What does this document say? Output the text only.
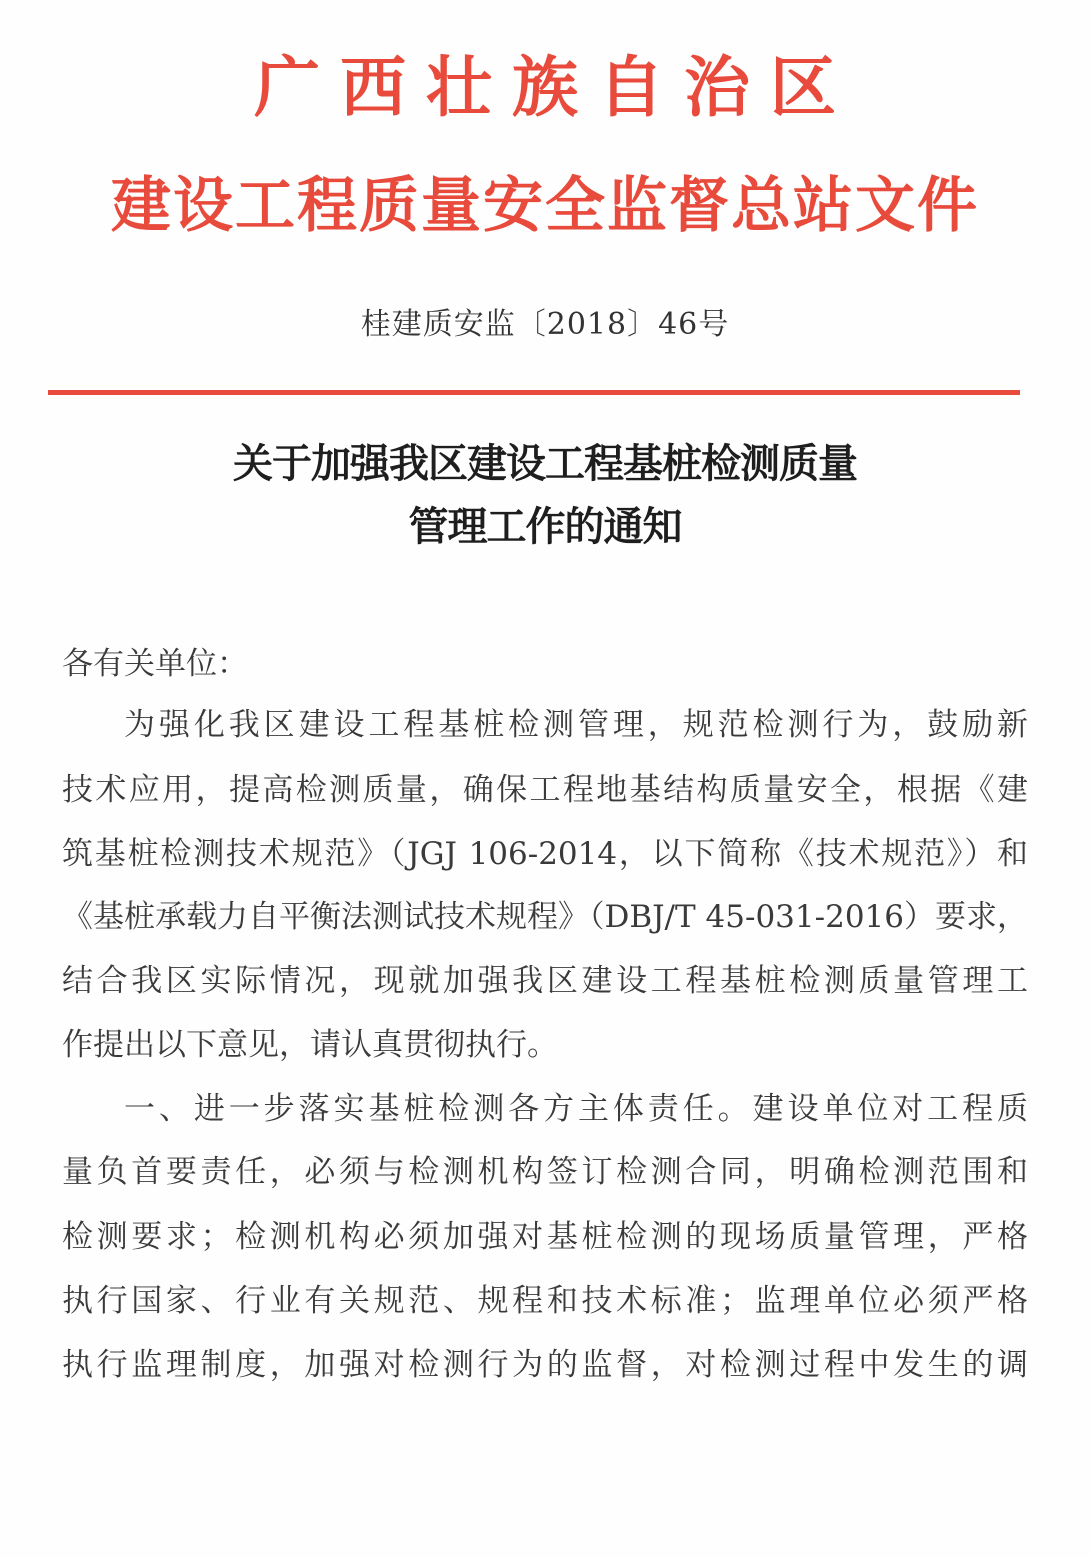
广西壮族自治区
建设工程质量安全监督总站文件
桂建质安监〔2018〕46号
关于加强我区建设工程基桩检测质量
管理工作的通知
各有关单位：
为强化我区建设工程基桩检测管理，规范检测行为，鼓励新
技术应用，提高检测质量，确保工程地基结构质量安全，根据《建
筑基桩检测技术规范》（JGJ 106-2014，以下简称《技术规范》）和
《基桩承载力自平衡法测试技术规程》（DBJ/T 45-031-2016）要求，
结合我区实际情况，现就加强我区建设工程基桩检测质量管理工
作提出以下意见，请认真贯彻执行。
一、进一步落实基桩检测各方主体责任。建设单位对工程质
量负首要责任，必须与检测机构签订检测合同，明确检测范围和
检测要求；检测机构必须加强对基桩检测的现场质量管理，严格
执行国家、行业有关规范、规程和技术标准；监理单位必须严格
执行监理制度，加强对检测行为的监督，对检测过程中发生的调
